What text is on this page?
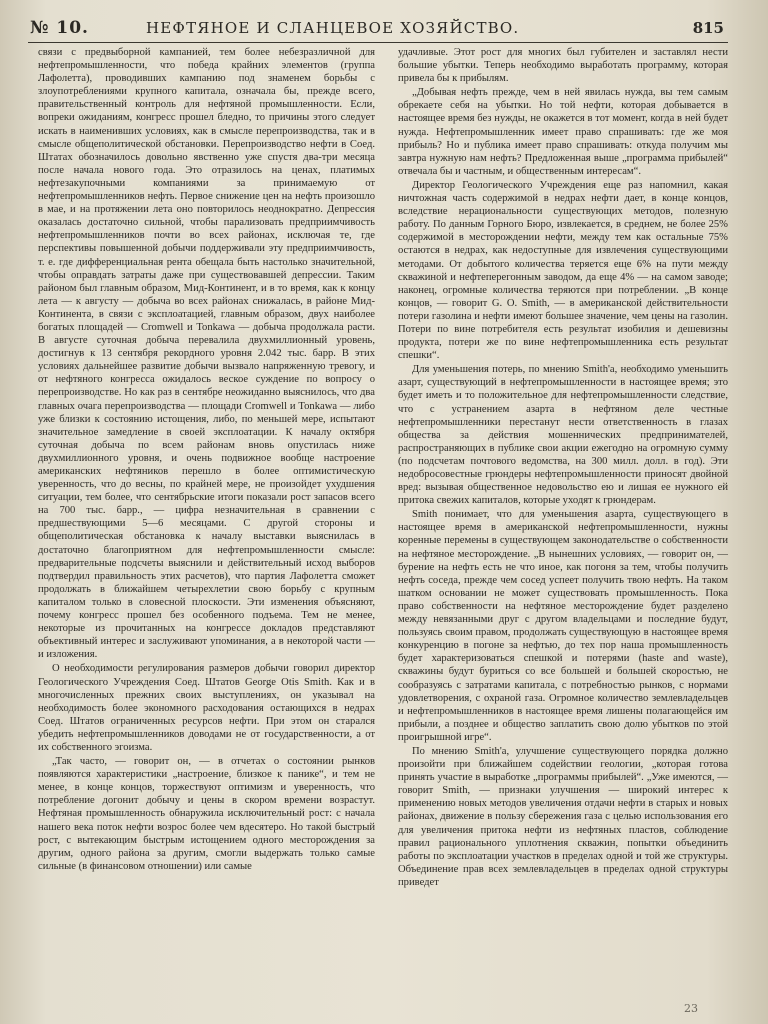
№ 10.	НЕФТЯНОЕ И СЛАНЦЕВОЕ ХОЗЯЙСТВО.	815

связи с предвыборной кампанией, тем более небезразличной для нефтепромышленности, что победа крайних элементов (группа Лафолетта), проводивших кампанию под знаменем борьбы с злоупотреблениями крупного капитала, означала бы, прежде всего, правительственный контроль для нефтяной промышленности. Если, вопреки ожиданиям, конгресс прошел бледно, то причины этого следует искать в наименивших условиях, как в смысле перепроизводства, так и в смысле общеполитической обстановки. Перепроизводство нефти в Соед. Штатах обозначилось довольно явственно уже спустя два-три месяца после начала нового года. Это отразилось на ценах, платимых нефтезакупочными компаниями за принимаемую от нефтепромышленников нефть. Первое снижение цен на нефть произошло в мае, и на протяжении лета оно повторилось неоднократно. Депрессия оказалась достаточно сильной, чтобы парализовать предприимчивость нефтепромышленников почти во всех районах, исключая те, где перспективы повышенной добычи поддерживали эту предприимчивость, т. е. где дифференциальная рента обещала быть настолько значительной, чтобы оправдать затраты даже при существовавшей депрессии. Таким районом был главным образом, Мид-Континент, и в то время, как к концу лета — к августу — добыча во всех районах снижалась, в районе Мид-Континента, в связи с эксплоатацией, главным образом, двух наиболее богатых площадей — Cromwell и Tonkawa — добыча продолжала расти. В августе суточная добыча перевалила двухмиллионный уровень, достигнув к 13 сентября рекордного уровня 2.042 тыс. барр. В этих условиях дальнейшее развитие добычи вызвало напряженную тревогу, и от нефтяного конгресса ожидалось веское суждение по вопросу о перепроизводстве. Но как раз в сентябре неожиданно выяснилось, что два главных очага перепроизводства — площади Cromwell и Tonkawa — либо уже близки к состоянию истощения, либо, по меньшей мере, испытают значительное замедление в своей эксплоатации. К началу октября суточная добыча по всем районам вновь опустилась ниже двухмиллионного уровня, и очень подвижное вообще настроение американских нефтяников перешло в более оптимистическую уверенность, что до весны, по крайней мере, не произойдет ухудшения ситуации, тем более, что сентябрьские итоги показали рост запасов всего на 700 тыс. барр., — цифра незначительная в сравнении с предшествующими 5—6 месяцами. С другой стороны и общеполитическая обстановка к началу выставки выяснилась в достаточно благоприятном для нефтепромышленности смысле: предварительные подсчеты выяснили и действительный исход выборов подтвердил правильность этих расчетов), что партия Лафолетта сможет продолжать в ближайшем четырехлетии свою борьбу с крупным капиталом только в словесной плоскости. Эти изменения объясняют, почему конгресс прошел без особенного подъема. Тем не менее, некоторые из прочитанных на конгрессе докладов представляют объективный интерес и заслуживают упоминания, а в некоторой части — и изложения.

О необходимости регулирования размеров добычи говорил директор Геологического Учреждения Соед. Штатов George Otis Smith. Как и в многочисленных прежних своих выступлениях, он указывал на необходимость более экономного расходования остающихся в недрах Соед. Штатов ограниченных ресурсов нефти. При этом он старался убедить нефтепромышленников доводами не от государственности, а от их собственного эгоизма.

„Так часто, — говорит он, — в отчетах о состоянии рынков появляются характеристики „настроение, близкое к панике“, и тем не менее, в конце концов, торжествуют оптимизм и уверенность, что потребление догонит добычу и цены в скором времени возрастут. Нефтяная промышленность обнаружила исключительный рост: с начала нашего века поток нефти возрос более чем вдесятеро. Но такой быстрый рост, с вытекающим быстрым истощением одного месторождения за другим, одного района за другим, смогли выдержать только самые сильные (в финансовом отношении) или самые

удачливые. Этот рост для многих был губителен и заставлял нести большие убытки. Теперь необходимо выработать программу, которая привела бы к прибылям.

„Добывая нефть прежде, чем в ней явилась нужда, вы тем самым обрекаете себя на убытки. Но той нефти, которая добывается в настоящее время без нужды, не окажется в тот момент, когда в ней будет нужда. Нефтепромышленник имеет право спрашивать: где же моя прибыль? Но и публика имеет право спрашивать: откуда получим мы завтра нужную нам нефть? Предложенная выше „программа прибылей“ отвечала бы и частным, и общественным интересам“.

Директор Геологического Учреждения еще раз напомнил, какая ничтожная часть содержимой в недрах нефти дает, в конце концов, вследствие нерациональности существующих методов, полезную работу. По данным Горного Бюро, извлекается, в среднем, не более 25% содержимой в месторождении нефти, между тем как остальные 75% остаются в недрах, как недоступные для извлечения существующими методами. От добытого количества теряется еще 6% на пути между скважиной и нефтеперегонным заводом, да еще 4% — на самом заводе; наконец, огромные количества теряются при потреблении. „В конце концов, — говорит G. O. Smith, — в американской действительности потери газолина и нефти имеют большее значение, чем цены на газолин. Потери по вине потребителя есть результат изобилия и дешевизны продукта, потери же по вине нефтепромышленника есть результат спешки“.

Для уменьшения потерь, по мнению Smith'а, необходимо уменьшить азарт, существующий в нефтепромышленности в настоящее время; это будет иметь и то положительное для нефтепромышленности следствие, что с устранением азарта в нефтяном деле честные нефтепромышленники перестанут нести ответственность в глазах общества за действия мошеннических предпринимателей, распространяющих в публике свои акции ежегодно на огромную сумму (по подсчетам почтового ведомства, на 300 милл. долл. в год). Эти недобросовестные грюндеры нефтепромышленности приносят двойной вред: вызывая общественное недовольство ею и лишая ее нужного ей притока свежих капиталов, которые уходят к грюндерам.

Smith понимает, что для уменьшения азарта, существующего в настоящее время в американской нефтепромышленности, нужны коренные перемены в существующем законодательстве о собственности на нефтяное месторождение. „В нынешних условиях, — говорит он, — бурение на нефть есть не что иное, как погоня за тем, чтобы получить нефть соседа, прежде чем сосед успеет получить твою нефть. На таком шатком основании не может существовать промышленность. Пока право собственности на нефтяное месторождение будет разделено между невязанными друг с другом владельцами и последние будут, пользуясь своим правом, продолжать существующую в настоящее время конкуренцию в погоне за нефтью, до тех пор наша промышленность будет характеризоваться спешкой и потерями (haste and waste), скважины будут буриться со все большей и большей скоростью, не сообразуясь с затратами капитала, с потребностью рынков, с нормами удовлетворения, с охраной газа. Огромное количество землевладельцев и нефтепромышленников в настоящее время лишены полагающейся им прибыли, а позднее и общество заплатить свою долю убытков по этой проигрышной игре“.

По мнению Smith'а, улучшение существующего порядка должно произойти при ближайшем содействии геологии, „которая готова принять участие в выработке „программы прибылей“. „Уже имеются, — говорит Smith, — признаки улучшения — широкий интерес к применению новых методов увеличения отдачи нефти в старых и новых районах, движение в пользу сбережения газа с целью использования его для увеличения притока нефти из нефтяных пластов, соблюдение правил рационального уплотнения скважин, попытки объединить работы по эксплоатации участков в пределах одной и той же структуры. Объединение прав всех землевладельцев в пределах одной структуры приведет

23
